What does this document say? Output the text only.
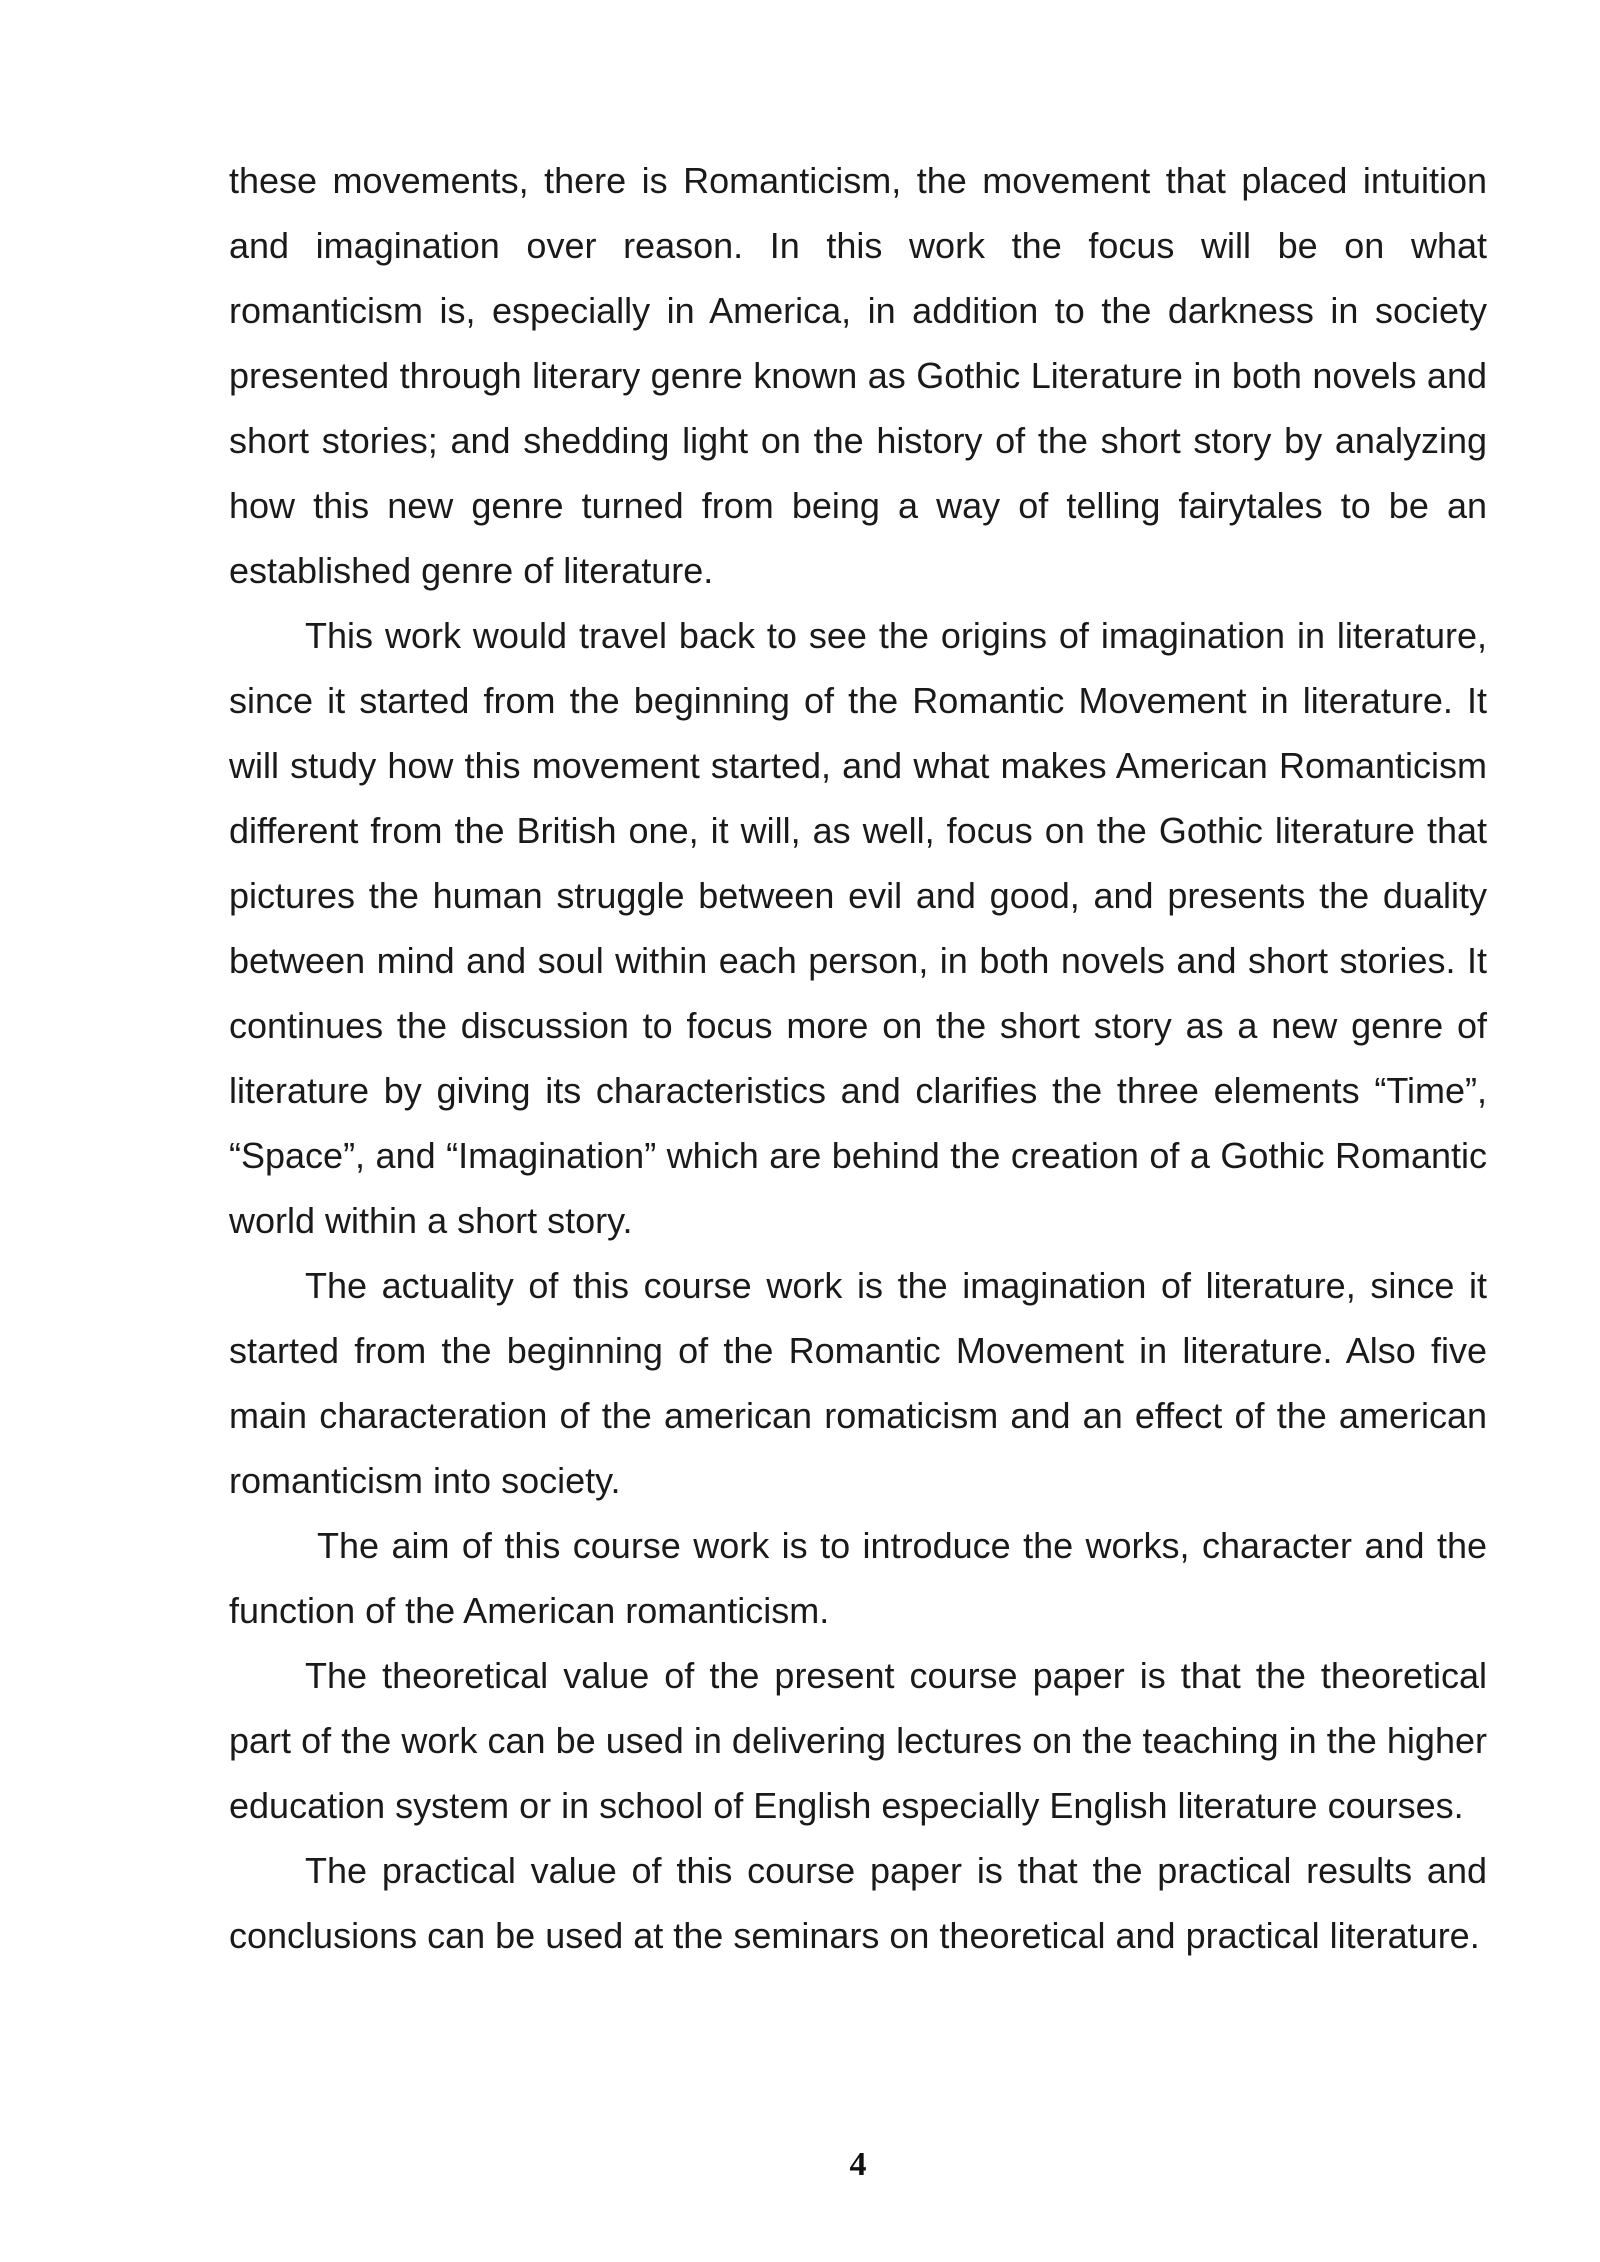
these movements, there is Romanticism, the movement that placed intuition and imagination over reason. In this work the focus will be on what romanticism is, especially in America, in addition to the darkness in society presented through literary genre known as Gothic Literature in both novels and short stories; and shedding light on the history of the short story by analyzing how this new genre turned from being a way of telling fairytales to be an established genre of literature.

This work would travel back to see the origins of imagination in literature, since it started from the beginning of the Romantic Movement in literature. It will study how this movement started, and what makes American Romanticism different from the British one, it will, as well, focus on the Gothic literature that pictures the human struggle between evil and good, and presents the duality between mind and soul within each person, in both novels and short stories. It continues the discussion to focus more on the short story as a new genre of literature by giving its characteristics and clarifies the three elements “Time”, “Space”, and “Imagination” which are behind the creation of a Gothic Romantic world within a short story.

The actuality of this course work is the imagination of literature, since it started from the beginning of the Romantic Movement in literature. Also five main characteration of the american romaticism and an effect of the american romanticism into society.

The aim of this course work is to introduce the works, character and the function of the American romanticism.

The theoretical value of the present course paper is that the theoretical part of the work can be used in delivering lectures on the teaching in the higher education system or in school of English especially English literature courses.

The practical value of this course paper is that the practical results and conclusions can be used at the seminars on theoretical and practical literature.

4
